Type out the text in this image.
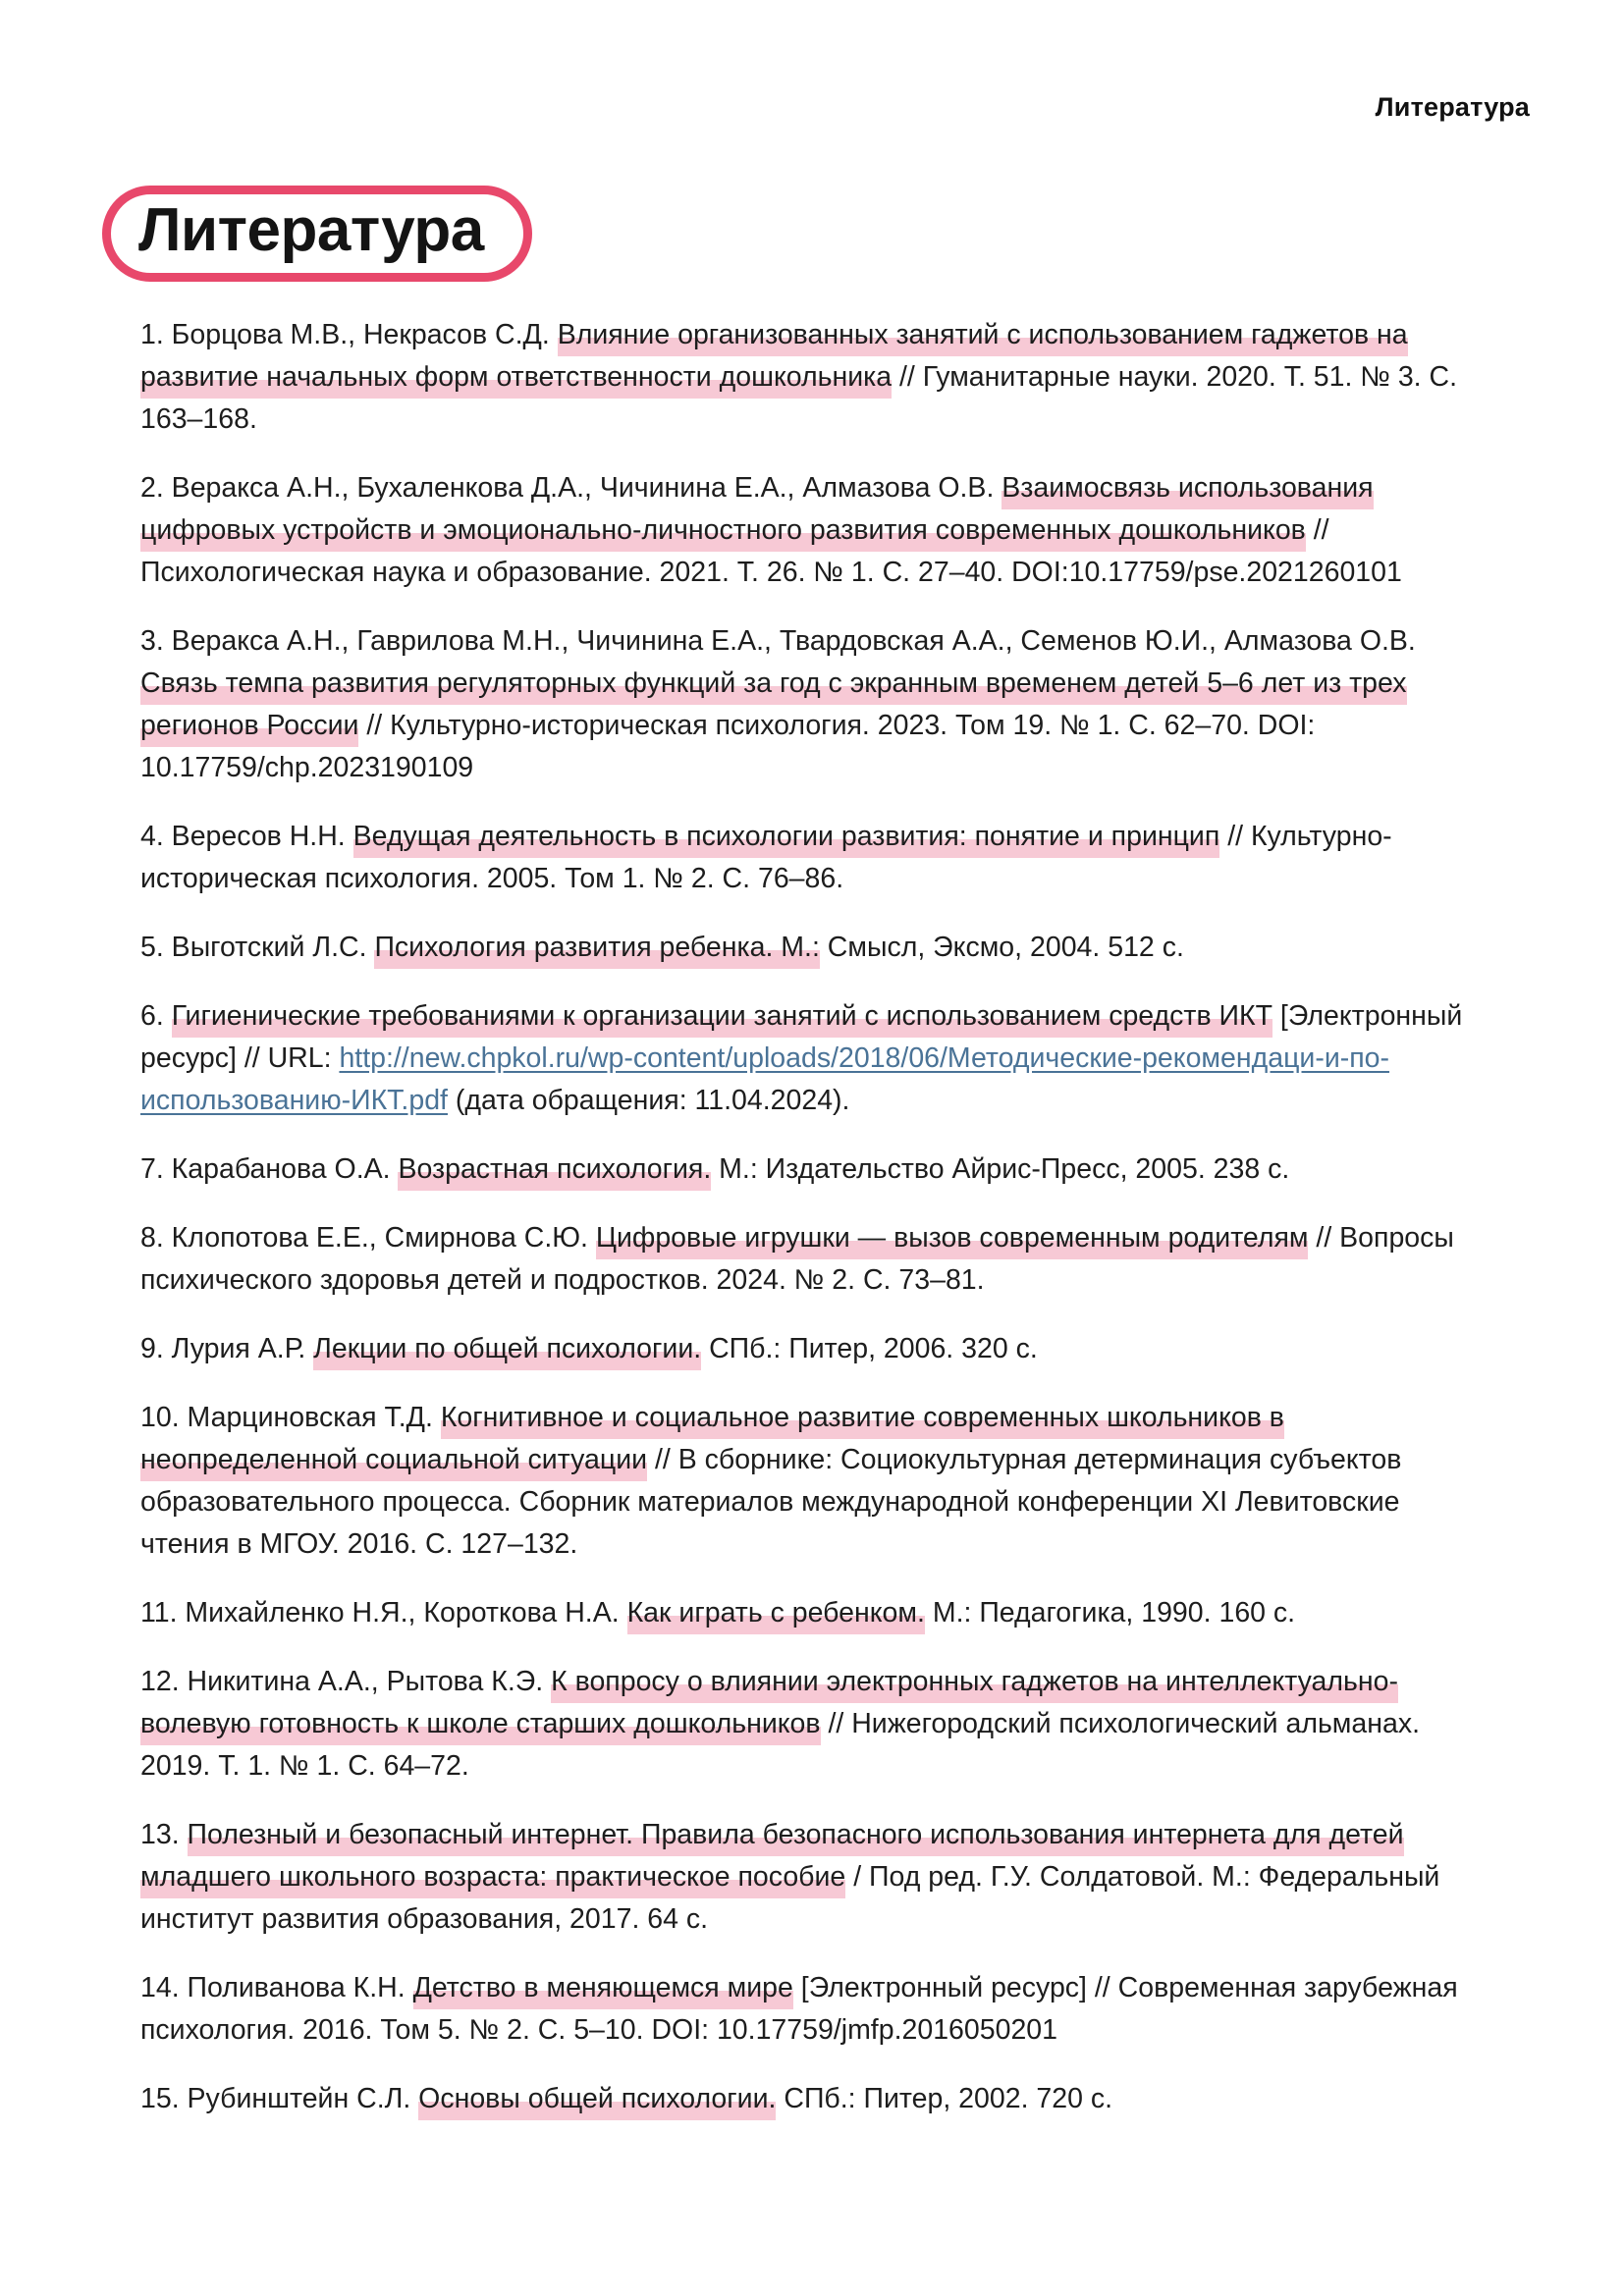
Литература
Литература

1. Борцова М.В., Некрасов С.Д. Влияние организованных занятий с использованием гаджетов на развитие начальных форм ответственности дошкольника // Гуманитарные науки. 2020. Т. 51. № 3. С. 163–168.

2. Веракса А.Н., Бухаленкова Д.А., Чичинина Е.А., Алмазова О.В. Взаимосвязь использования цифровых устройств и эмоционально-личностного развития современных дошкольников // Психологическая наука и образование. 2021. Т. 26. № 1. С. 27–40. DOI:10.17759/pse.2021260101

3. Веракса А.Н., Гаврилова М.Н., Чичинина Е.А., Твардовская А.А., Семенов Ю.И., Алмазова О.В. Связь темпа развития регуляторных функций за год с экранным временем детей 5–6 лет из трех регионов России // Культурно-историческая психология. 2023. Том 19. № 1. С. 62–70. DOI: 10.17759/chp.2023190109

4. Вересов Н.Н. Ведущая деятельность в психологии развития: понятие и принцип // Культурно-историческая психология. 2005. Том 1. № 2. С. 76–86.

5. Выготский Л.С. Психология развития ребенка. М.: Смысл, Эксмо, 2004. 512 с.

6. Гигиенические требованиями к организации занятий с использованием средств ИКТ [Электронный ресурс] // URL: http://new.chpkol.ru/wp-content/uploads/2018/06/Методические-рекомендаци-и-по-использованию-ИКТ.pdf (дата обращения: 11.04.2024).

7. Карабанова О.А. Возрастная психология. М.: Издательство Айрис-Пресс, 2005. 238 с.

8. Клопотова Е.Е., Смирнова С.Ю. Цифровые игрушки — вызов современным родителям // Вопросы психического здоровья детей и подростков. 2024. № 2. С. 73–81.

9. Лурия А.Р. Лекции по общей психологии. СПб.: Питер, 2006. 320 с.

10. Марциновская Т.Д. Когнитивное и социальное развитие современных школьников в неопределенной социальной ситуации // В сборнике: Социокультурная детерминация субъектов образовательного процесса. Сборник материалов международной конференции XI Левитовские чтения в МГОУ. 2016. С. 127–132.

11. Михайленко Н.Я., Короткова Н.А. Как играть с ребенком. М.: Педагогика, 1990. 160 с.

12. Никитина А.А., Рытова К.Э. К вопросу о влиянии электронных гаджетов на интеллектуально-волевую готовность к школе старших дошкольников // Нижегородский психологический альманах. 2019. Т. 1. № 1. С. 64–72.

13. Полезный и безопасный интернет. Правила безопасного использования интернета для детей младшего школьного возраста: практическое пособие / Под ред. Г.У. Солдатовой. М.: Федеральный институт развития образования, 2017. 64 с.

14. Поливанова К.Н. Детство в меняющемся мире [Электронный ресурс] // Современная зарубежная психология. 2016. Том 5. № 2. С. 5–10. DOI: 10.17759/jmfp.2016050201

15. Рубинштейн С.Л. Основы общей психологии. СПб.: Питер, 2002. 720 с.
